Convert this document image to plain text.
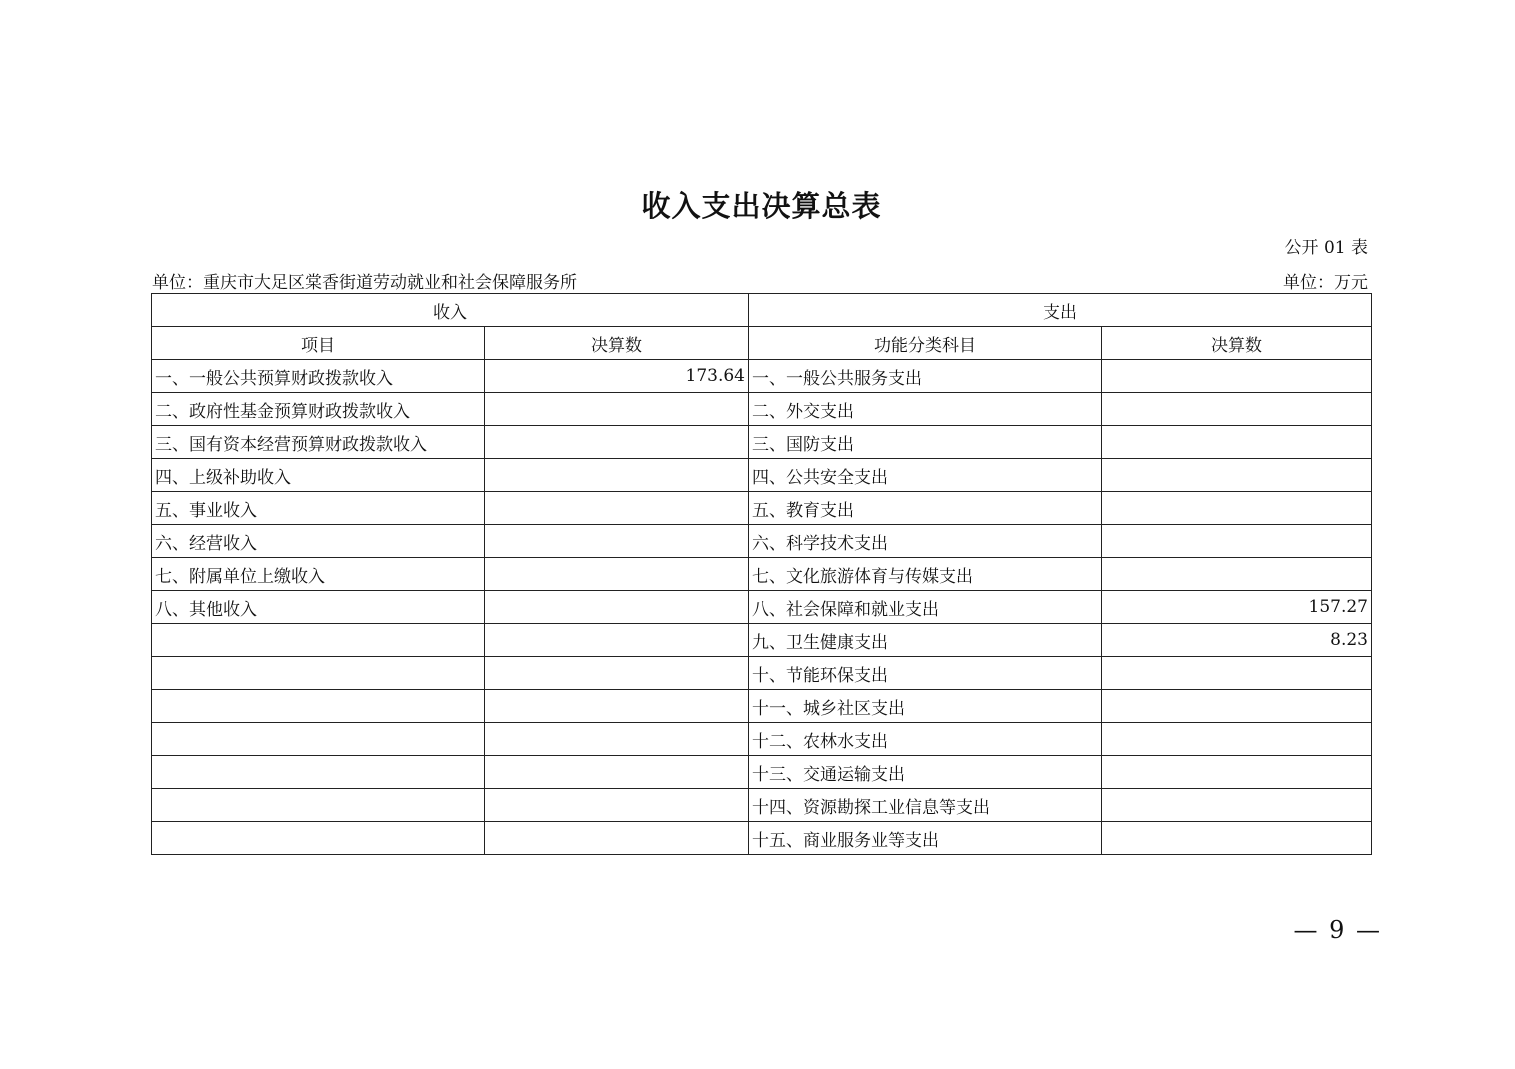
收入支出决算总表
公开 01 表
单位：重庆市大足区棠香街道劳动就业和社会保障服务所	单位：万元
收入		支出	
项目	决算数	功能分类科目	决算数
一、一般公共预算财政拨款收入	173.64	一、一般公共服务支出	
二、政府性基金预算财政拨款收入		二、外交支出	
三、国有资本经营预算财政拨款收入		三、国防支出	
四、上级补助收入		四、公共安全支出	
五、事业收入		五、教育支出	
六、经营收入		六、科学技术支出	
七、附属单位上缴收入		七、文化旅游体育与传媒支出	
八、其他收入		八、社会保障和就业支出	157.27
		九、卫生健康支出	8.23
		十、节能环保支出	
		十一、城乡社区支出	
		十二、农林水支出	
		十三、交通运输支出	
		十四、资源勘探工业信息等支出	
		十五、商业服务业等支出	
— 9 —
